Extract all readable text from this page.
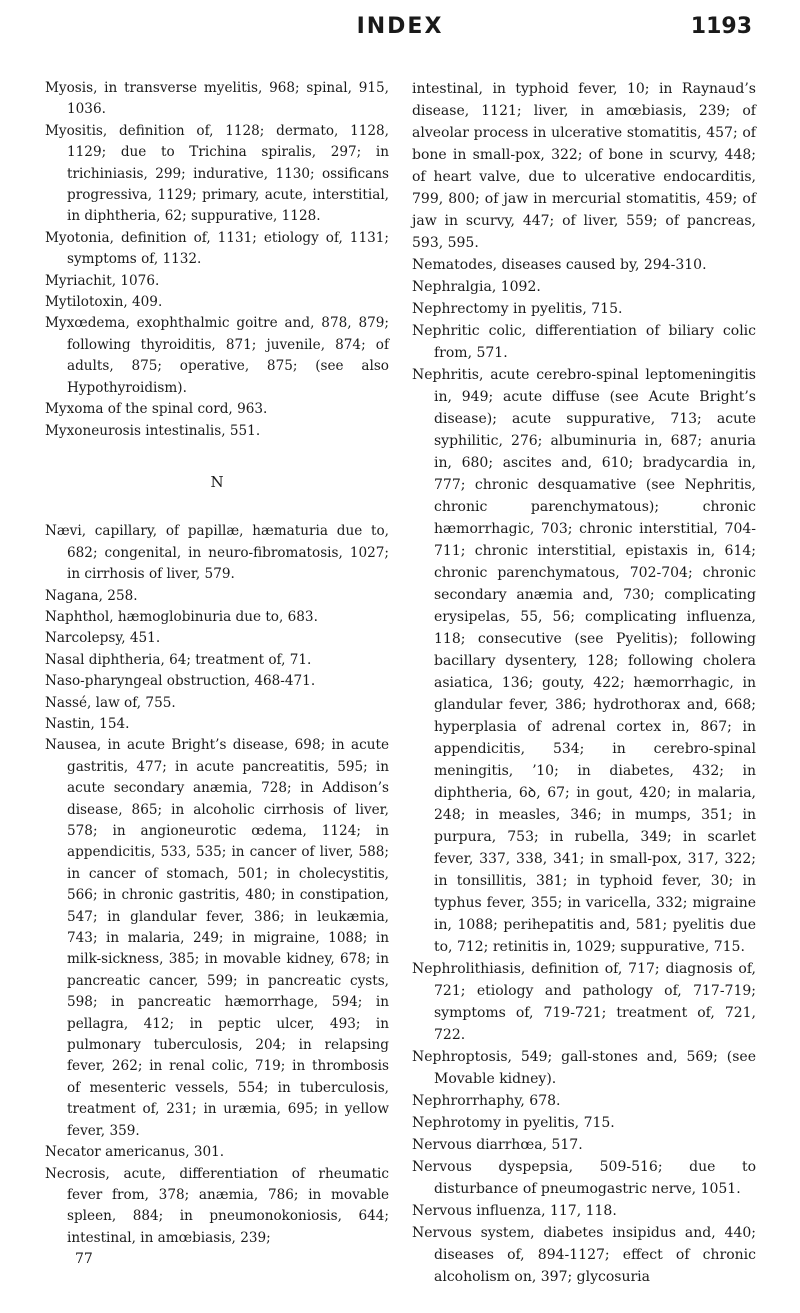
INDEX	1193

Myosis, in transverse myelitis, 968; spinal, 915, 1036.

Myositis, definition of, 1128; dermato, 1128, 1129; due to Trichina spiralis, 297; in trichiniasis, 299; indurative, 1130; ossificans progressiva, 1129; primary, acute, interstitial, in diphtheria, 62; suppurative, 1128.

Myotonia, definition of, 1131; etiology of, 1131; symptoms of, 1132.

Myriachit, 1076.

Mytilotoxin, 409.

Myxœdema, exophthalmic goitre and, 878, 879; following thyroiditis, 871; juvenile, 874; of adults, 875; operative, 875; (see also Hypothyroidism).

Myxoma of the spinal cord, 963.

Myxoneurosis intestinalis, 551.

N

Nævi, capillary, of papillæ, hæmaturia due to, 682; congenital, in neuro-fibromatosis, 1027; in cirrhosis of liver, 579.

Nagana, 258.

Naphthol, hæmoglobinuria due to, 683.

Narcolepsy, 451.

Nasal diphtheria, 64; treatment of, 71.

Naso-pharyngeal obstruction, 468-471.

Nassé, law of, 755.

Nastin, 154.

Nausea, in acute Bright’s disease, 698; in acute gastritis, 477; in acute pancreatitis, 595; in acute secondary anæmia, 728; in Addison’s disease, 865; in alcoholic cirrhosis of liver, 578; in angioneurotic œdema, 1124; in appendicitis, 533, 535; in cancer of liver, 588; in cancer of stomach, 501; in cholecystitis, 566; in chronic gastritis, 480; in constipation, 547; in glandular fever, 386; in leukæmia, 743; in malaria, 249; in migraine, 1088; in milk-sickness, 385; in movable kidney, 678; in pancreatic cancer, 599; in pancreatic cysts, 598; in pancreatic hæmorrhage, 594; in pellagra, 412; in peptic ulcer, 493; in pulmonary tuberculosis, 204; in relapsing fever, 262; in renal colic, 719; in thrombosis of mesenteric vessels, 554; in tuberculosis, treatment of, 231; in uræmia, 695; in yellow fever, 359.

Necator americanus, 301.

Necrosis, acute, differentiation of rheumatic fever from, 378; anæmia, 786; in movable spleen, 884; in pneumonokoniosis, 644; intestinal, in amœbiasis, 239;

77

intestinal, in typhoid fever, 10; in Raynaud’s disease, 1121; liver, in amœbiasis, 239; of alveolar process in ulcerative stomatitis, 457; of bone in small-pox, 322; of bone in scurvy, 448; of heart valve, due to ulcerative endocarditis, 799, 800; of jaw in mercurial stomatitis, 459; of jaw in scurvy, 447; of liver, 559; of pancreas, 593, 595.

Nematodes, diseases caused by, 294-310.

Nephralgia, 1092.

Nephrectomy in pyelitis, 715.

Nephritic colic, differentiation of biliary colic from, 571.

Nephritis, acute cerebro-spinal leptomeningitis in, 949; acute diffuse (see Acute Bright’s disease); acute suppurative, 713; acute syphilitic, 276; albuminuria in, 687; anuria in, 680; ascites and, 610; bradycardia in, 777; chronic desquamative (see Nephritis, chronic parenchymatous); chronic hæmorrhagic, 703; chronic interstitial, 704-711; chronic interstitial, epistaxis in, 614; chronic parenchymatous, 702-704; chronic secondary anæmia and, 730; complicating erysipelas, 55, 56; complicating influenza, 118; consecutive (see Pyelitis); following bacillary dysentery, 128; following cholera asiatica, 136; gouty, 422; hæmorrhagic, in glandular fever, 386; hydrothorax and, 668; hyperplasia of adrenal cortex in, 867; in appendicitis, 534; in cerebro-spinal meningitis, ʼ10; in diabetes, 432; in diphtheria, 6ꝺ, 67; in gout, 420; in malaria, 248; in measles, 346; in mumps, 351; in purpura, 753; in rubella, 349; in scarlet fever, 337, 338, 341; in small-pox, 317, 322; in tonsillitis, 381; in typhoid fever, 30; in typhus fever, 355; in varicella, 332; migraine in, 1088; perihepatitis and, 581; pyelitis due to, 712; retinitis in, 1029; suppurative, 715.

Nephrolithiasis, definition of, 717; diagnosis of, 721; etiology and pathology of, 717-719; symptoms of, 719-721; treatment of, 721, 722.

Nephroptosis, 549; gall-stones and, 569; (see Movable kidney).

Nephrorrhaphy, 678.

Nephrotomy in pyelitis, 715.

Nervous diarrhœa, 517.

Nervous dyspepsia, 509-516; due to disturbance of pneumogastric nerve, 1051.

Nervous influenza, 117, 118.

Nervous system, diabetes insipidus and, 440; diseases of, 894-1127; effect of chronic alcoholism on, 397; glycosuria
